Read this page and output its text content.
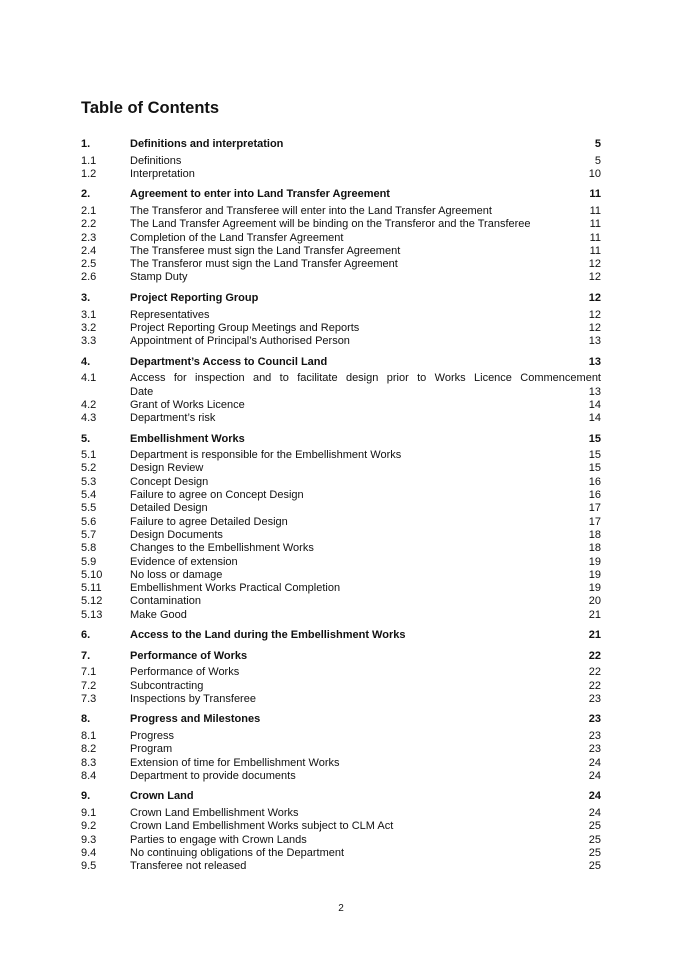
Table of Contents
1.	Definitions and interpretation	5
1.1	Definitions	5
1.2	Interpretation	10
2.	Agreement to enter into Land Transfer Agreement	11
2.1	The Transferor and Transferee will enter into the Land Transfer Agreement	11
2.2	The Land Transfer Agreement will be binding on the Transferor and the Transferee	11
2.3	Completion of the Land Transfer Agreement	11
2.4	The Transferee must sign the Land Transfer Agreement	11
2.5	The Transferor must sign the Land Transfer Agreement	12
2.6	Stamp Duty	12
3.	Project Reporting Group	12
3.1	Representatives	12
3.2	Project Reporting Group Meetings and Reports	12
3.3	Appointment of Principal’s Authorised Person	13
4.	Department’s Access to Council Land	13
4.1	Access for inspection and to facilitate design prior to Works Licence Commencement
Date	13
4.2	Grant of Works Licence	14
4.3	Department’s risk	14
5.	Embellishment Works	15
5.1	Department is responsible for the Embellishment Works	15
5.2	Design Review	15
5.3	Concept Design	16
5.4	Failure to agree on Concept Design	16
5.5	Detailed Design	17
5.6	Failure to agree Detailed Design	17
5.7	Design Documents	18
5.8	Changes to the Embellishment Works	18
5.9	Evidence of extension	19
5.10	No loss or damage	19
5.11	Embellishment Works Practical Completion	19
5.12	Contamination	20
5.13	Make Good	21
6.	Access to the Land during the Embellishment Works	21
7.	Performance of Works	22
7.1	Performance of Works	22
7.2	Subcontracting	22
7.3	Inspections by Transferee	23
8.	Progress and Milestones	23
8.1	Progress	23
8.2	Program	23
8.3	Extension of time for Embellishment Works	24
8.4	Department to provide documents	24
9.	Crown Land	24
9.1	Crown Land Embellishment Works	24
9.2	Crown Land Embellishment Works subject to CLM Act	25
9.3	Parties to engage with Crown Lands	25
9.4	No continuing obligations of the Department	25
9.5	Transferee not released	25
2
